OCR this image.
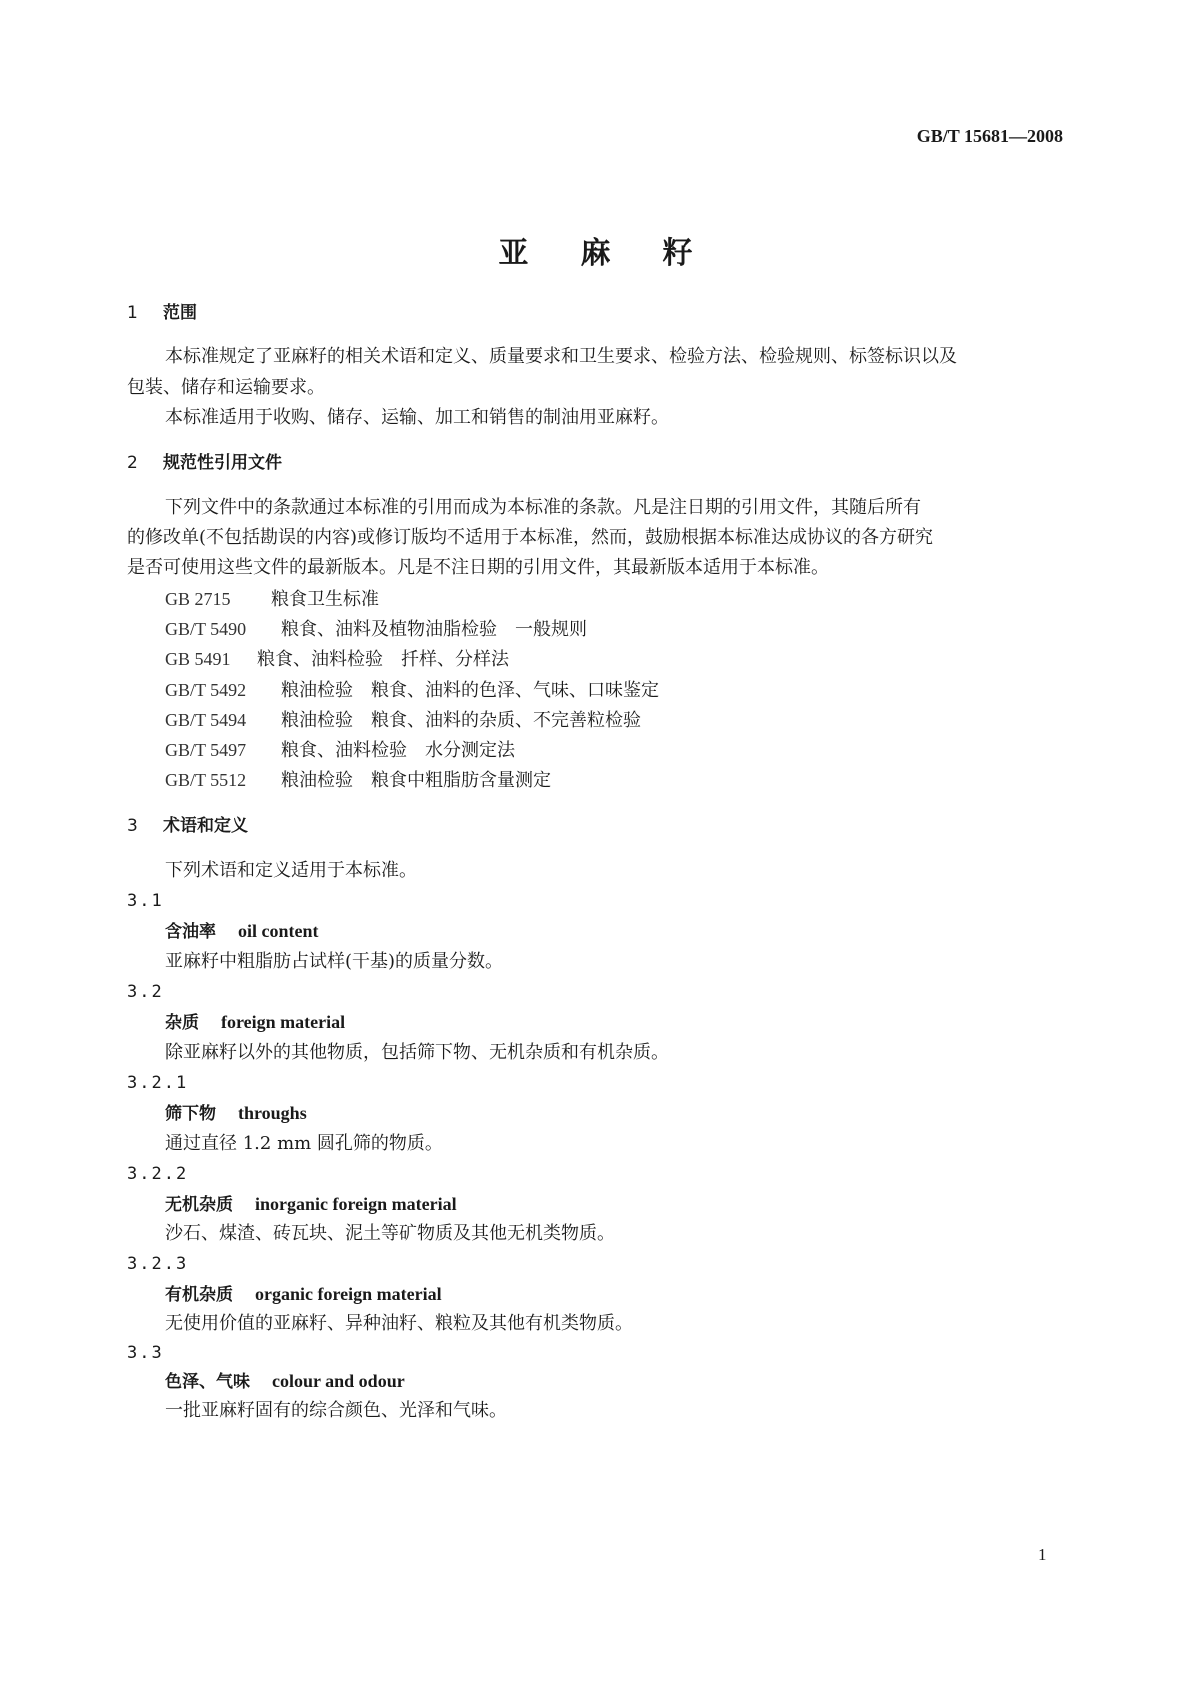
GB/T 15681—2008
亚麻籽
1 范围
本标准规定了亚麻籽的相关术语和定义、质量要求和卫生要求、检验方法、检验规则、标签标识以及
包装、储存和运输要求。
本标准适用于收购、储存、运输、加工和销售的制油用亚麻籽。
2 规范性引用文件
下列文件中的条款通过本标准的引用而成为本标准的条款。凡是注日期的引用文件，其随后所有
的修改单(不包括勘误的内容)或修订版均不适用于本标准，然而，鼓励根据本标准达成协议的各方研究
是否可使用这些文件的最新版本。凡是不注日期的引用文件，其最新版本适用于本标准。
GB 2715 粮食卫生标准
GB/T 5490 粮食、油料及植物油脂检验　一般规则
GB 5491 粮食、油料检验　扦样、分样法
GB/T 5492 粮油检验　粮食、油料的色泽、气味、口味鉴定
GB/T 5494 粮油检验　粮食、油料的杂质、不完善粒检验
GB/T 5497 粮食、油料检验　水分测定法
GB/T 5512 粮油检验　粮食中粗脂肪含量测定
3 术语和定义
下列术语和定义适用于本标准。
3.1
含油率 oil content
亚麻籽中粗脂肪占试样(干基)的质量分数。
3.2
杂质 foreign material
除亚麻籽以外的其他物质，包括筛下物、无机杂质和有机杂质。
3.2.1
筛下物 throughs
通过直径 1.2 mm 圆孔筛的物质。
3.2.2
无机杂质 inorganic foreign material
沙石、煤渣、砖瓦块、泥土等矿物质及其他无机类物质。
3.2.3
有机杂质 organic foreign material
无使用价值的亚麻籽、异种油籽、粮粒及其他有机类物质。
3.3
色泽、气味 colour and odour
一批亚麻籽固有的综合颜色、光泽和气味。
1
